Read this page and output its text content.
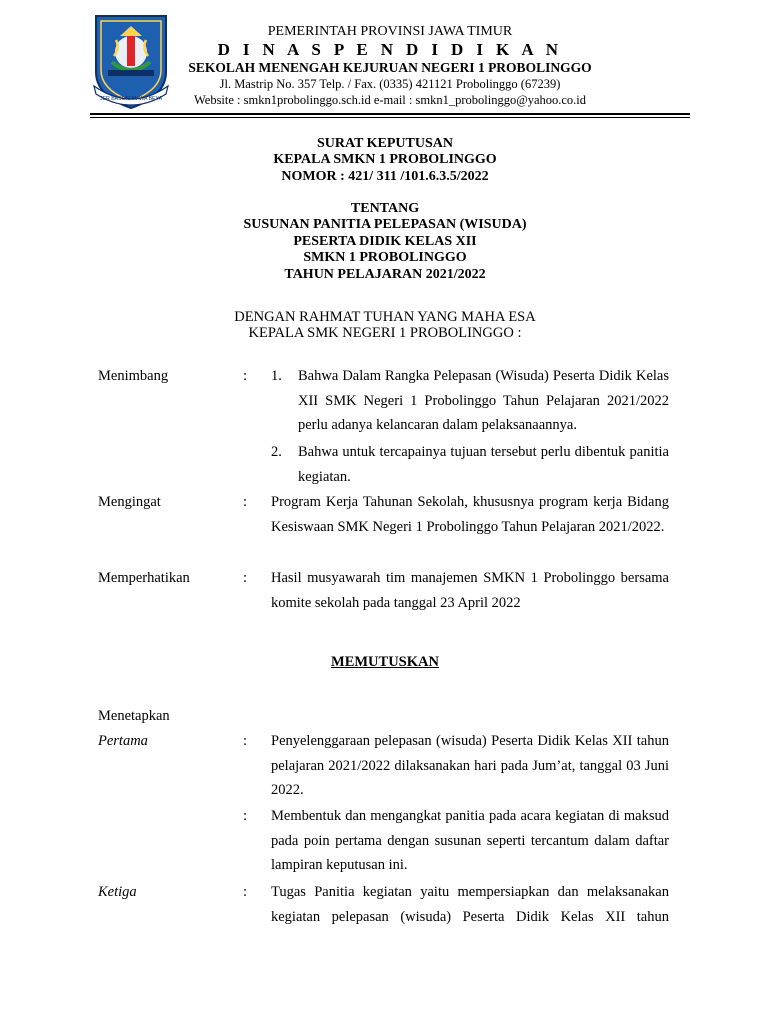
JER BASUKI MAWA BEYA
PEMERINTAH PROVINSI JAWA TIMUR
D I N A S P E N D I D I K A N
SEKOLAH MENENGAH KEJURUAN NEGERI 1 PROBOLINGGO
Jl. Mastrip No. 357 Telp. / Fax. (0335) 421121 Probolinggo (67239)
Website : smkn1probolinggo.sch.id e-mail : smkn1_probolinggo@yahoo.co.id
SURAT KEPUTUSAN
KEPALA SMKN 1 PROBOLINGGO
NOMOR : 421/ 311 /101.6.3.5/2022
TENTANG
SUSUNAN PANITIA PELEPASAN (WISUDA)
PESERTA DIDIK KELAS XII
SMKN 1 PROBOLINGGO
TAHUN PELAJARAN 2021/2022
DENGAN RAHMAT TUHAN YANG MAHA ESA
KEPALA SMK NEGERI 1 PROBOLINGGO :
Menimbang	: 1. Bahwa Dalam Rangka Pelepasan (Wisuda) Peserta Didik Kelas XII SMK Negeri 1 Probolinggo Tahun Pelajaran 2021/2022 perlu adanya kelancaran dalam pelaksanaannya.
2. Bahwa untuk tercapainya tujuan tersebut perlu dibentuk panitia kegiatan.
Mengingat	: Program Kerja Tahunan Sekolah, khususnya program kerja Bidang Kesiswaan SMK Negeri 1 Probolinggo Tahun Pelajaran 2021/2022.
Memperhatikan	: Hasil musyawarah tim manajemen SMKN 1 Probolinggo bersama komite sekolah pada tanggal 23 April 2022
MEMUTUSKAN
Menetapkan
Pertama	: Penyelenggaraan pelepasan (wisuda) Peserta Didik Kelas XII tahun pelajaran 2021/2022 dilaksanakan hari pada Jum’at, tanggal 03 Juni 2022.
: Membentuk dan mengangkat panitia pada acara kegiatan di maksud pada poin pertama dengan susunan seperti tercantum dalam daftar lampiran keputusan ini.
Ketiga	: Tugas Panitia kegiatan yaitu mempersiapkan dan melaksanakan kegiatan pelepasan (wisuda) Peserta Didik Kelas XII tahun
